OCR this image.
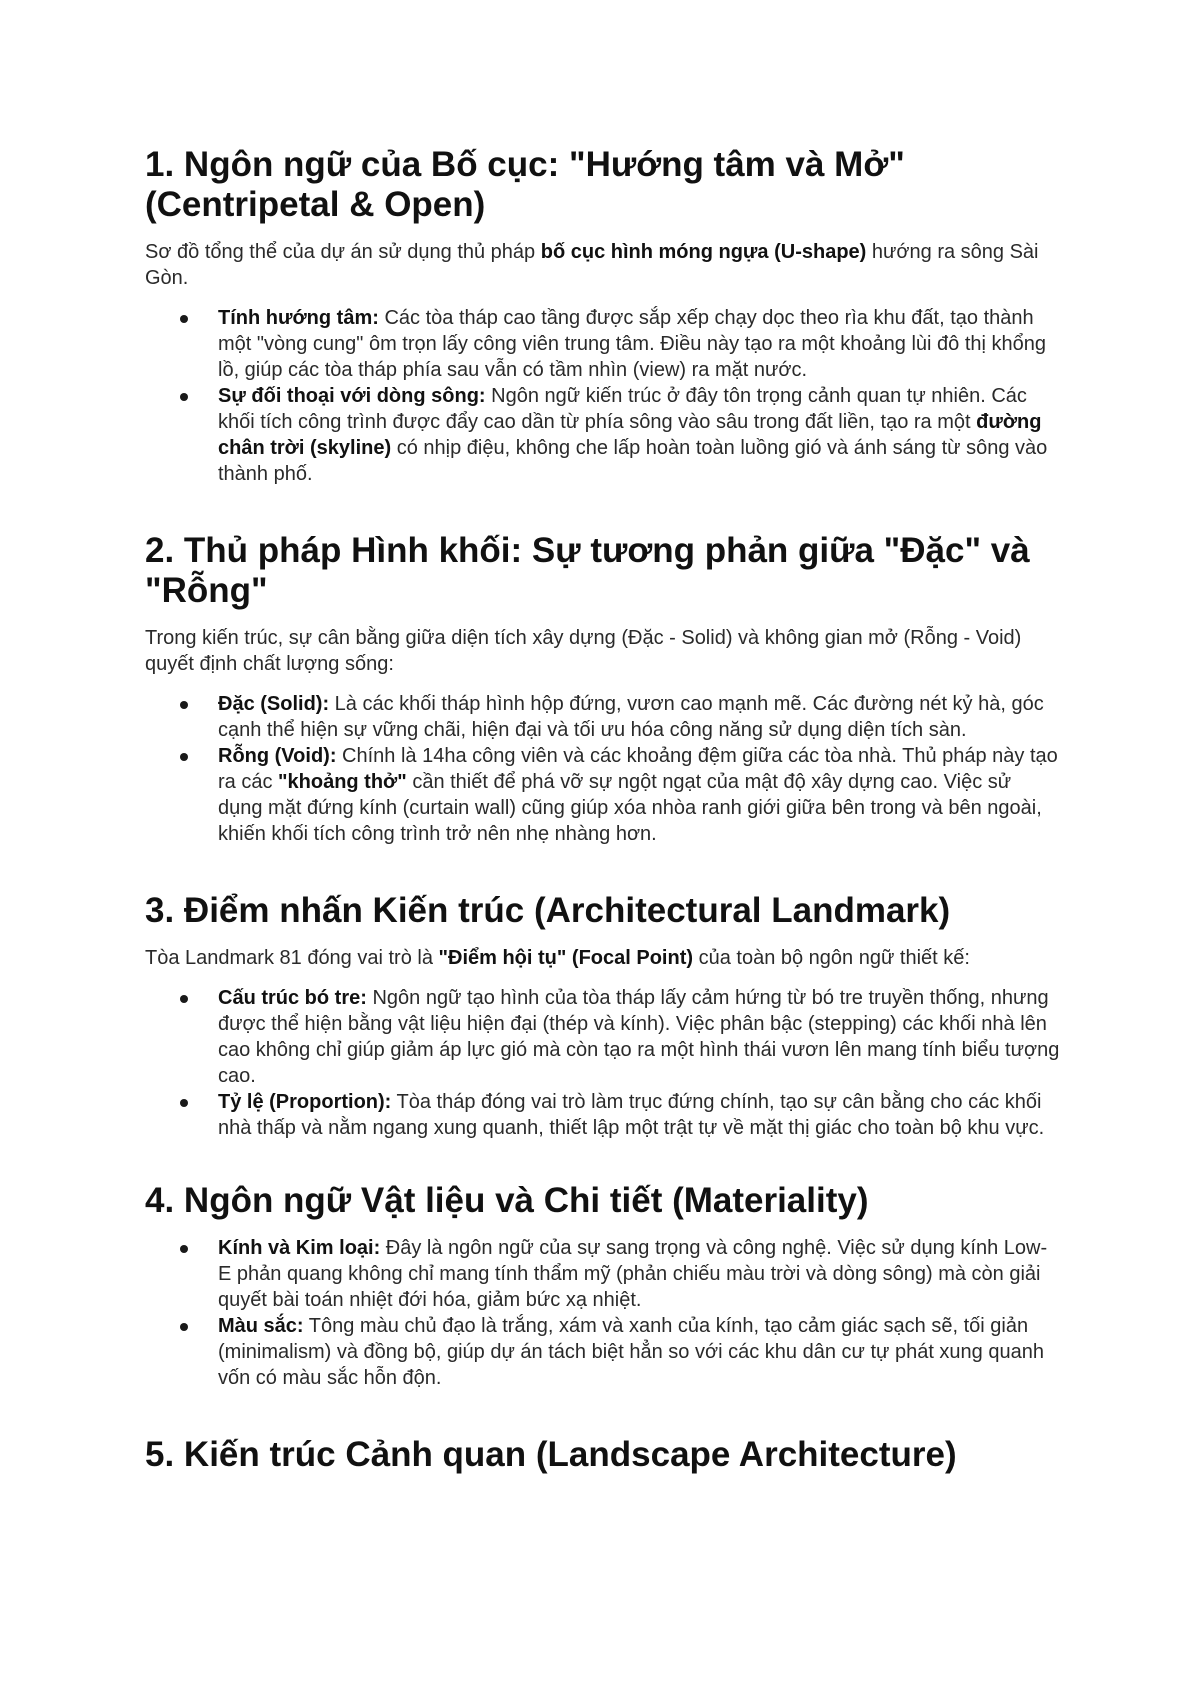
1. Ngôn ngữ của Bố cục: "Hướng tâm và Mở"
(Centripetal & Open)

Sơ đồ tổng thể của dự án sử dụng thủ pháp bố cục hình móng ngựa (U-shape) hướng ra sông Sài Gòn.

Tính hướng tâm: Các tòa tháp cao tầng được sắp xếp chạy dọc theo rìa khu đất, tạo thành một "vòng cung" ôm trọn lấy công viên trung tâm. Điều này tạo ra một khoảng lùi đô thị khổng lồ, giúp các tòa tháp phía sau vẫn có tầm nhìn (view) ra mặt nước.
Sự đối thoại với dòng sông: Ngôn ngữ kiến trúc ở đây tôn trọng cảnh quan tự nhiên. Các khối tích công trình được đẩy cao dần từ phía sông vào sâu trong đất liền, tạo ra một đường chân trời (skyline) có nhịp điệu, không che lấp hoàn toàn luồng gió và ánh sáng từ sông vào thành phố.
2. Thủ pháp Hình khối: Sự tương phản giữa "Đặc" và
"Rỗng"

Trong kiến trúc, sự cân bằng giữa diện tích xây dựng (Đặc - Solid) và không gian mở (Rỗng - Void) quyết định chất lượng sống:

Đặc (Solid): Là các khối tháp hình hộp đứng, vươn cao mạnh mẽ. Các đường nét kỷ hà, góc cạnh thể hiện sự vững chãi, hiện đại và tối ưu hóa công năng sử dụng diện tích sàn.
Rỗng (Void): Chính là 14ha công viên và các khoảng đệm giữa các tòa nhà. Thủ pháp này tạo ra các "khoảng thở" cần thiết để phá vỡ sự ngột ngạt của mật độ xây dựng cao. Việc sử dụng mặt đứng kính (curtain wall) cũng giúp xóa nhòa ranh giới giữa bên trong và bên ngoài, khiến khối tích công trình trở nên nhẹ nhàng hơn.
3. Điểm nhấn Kiến trúc (Architectural Landmark)

Tòa Landmark 81 đóng vai trò là "Điểm hội tụ" (Focal Point) của toàn bộ ngôn ngữ thiết kế:

Cấu trúc bó tre: Ngôn ngữ tạo hình của tòa tháp lấy cảm hứng từ bó tre truyền thống, nhưng được thể hiện bằng vật liệu hiện đại (thép và kính). Việc phân bậc (stepping) các khối nhà lên cao không chỉ giúp giảm áp lực gió mà còn tạo ra một hình thái vươn lên mang tính biểu tượng cao.
Tỷ lệ (Proportion): Tòa tháp đóng vai trò làm trục đứng chính, tạo sự cân bằng cho các khối nhà thấp và nằm ngang xung quanh, thiết lập một trật tự về mặt thị giác cho toàn bộ khu vực.
4. Ngôn ngữ Vật liệu và Chi tiết (Materiality)
Kính và Kim loại: Đây là ngôn ngữ của sự sang trọng và công nghệ. Việc sử dụng kính Low-E phản quang không chỉ mang tính thẩm mỹ (phản chiếu màu trời và dòng sông) mà còn giải quyết bài toán nhiệt đới hóa, giảm bức xạ nhiệt.
Màu sắc: Tông màu chủ đạo là trắng, xám và xanh của kính, tạo cảm giác sạch sẽ, tối giản (minimalism) và đồng bộ, giúp dự án tách biệt hẳn so với các khu dân cư tự phát xung quanh vốn có màu sắc hỗn độn.
5. Kiến trúc Cảnh quan (Landscape Architecture)
